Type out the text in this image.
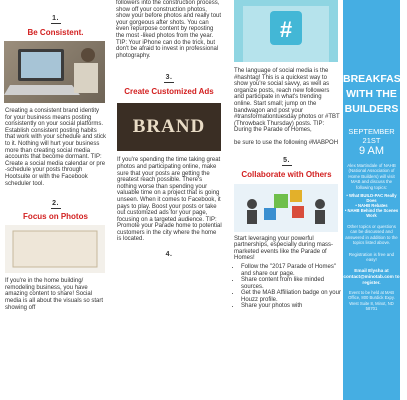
1.
Be Consistent.

Creating a consistent brand identity for your business means posting consistently on your social platforms. Establish consistent posting habits that work with your schedule and stick to it. Nothing will hurt your business more than creating social media accounts that become dormant. TIP: Create a social media calendar or pre -schedule your posts through Hootsuite or with the Facebook scheduler tool.

2.
Focus on Photos

If you're in the home building/ remodeling business, you have amazing content to share! Social media is all about the visuals so start showing off

followers into the construction process, show off your construction photos, show your before photos and really tout your gorgeous after shots. You can even repurpose content by reposting the most -liked photos from the year. TIP: Your iPhone can do the trick, but don't be afraid to invest in professional photography.

3.
Create Customized Ads
BRAND

If you're spending the time taking great photos and participating online, make sure that your posts are getting the greatest reach possible. There's nothing worse than spending your valuable time on a project that is going unseen. When it comes to Facebook, it pays to play. Boost your posts or take out customized ads for your page, focusing on a targeted audience. TIP: Promote your Parade home to potential customers in the city where the home is located.

4.
#

The language of social media is the #hashtag! This is a quickest way to show you're social savvy, as well as organize posts, reach new followers and participate in what's trending online. Start small; jump on the bandwagon and post your #transformationtuesday photos or #TBT (Throwback Thursday) posts. TIP: During the Parade of Homes,

be sure to use the following #MABPOH

5.
Collaborate with Others

Start leveraging your powerful partnerships, especially during mass-marketed events like the Parade of Homes!

• Follow the "2017 Parade of Homes" and share our page.
• Share content from like minded sources.
• Get the MAB Affiliation badge on your Houzz profile.
• Share your photos with
BREAKFAST WITH THE BUILDERS
SEPTEMBER 21ST
9 AM
Alex Martindale of NAHB (National Association of Home Builders) will visit MAB and discuss the following topics:
• What BUILD-PAC Really Does
• NAHB Rebates
• NAHB Behind the Scenes Work
Other topics or questions can be discussed and answered in addition to the topics listed above.
Registration is free and easy!
Email Elysha at contact@minotab.com to register.
Event to be held at MAB Office, 800 Burdick Expy. West Suite 8, Minot, ND 58701
